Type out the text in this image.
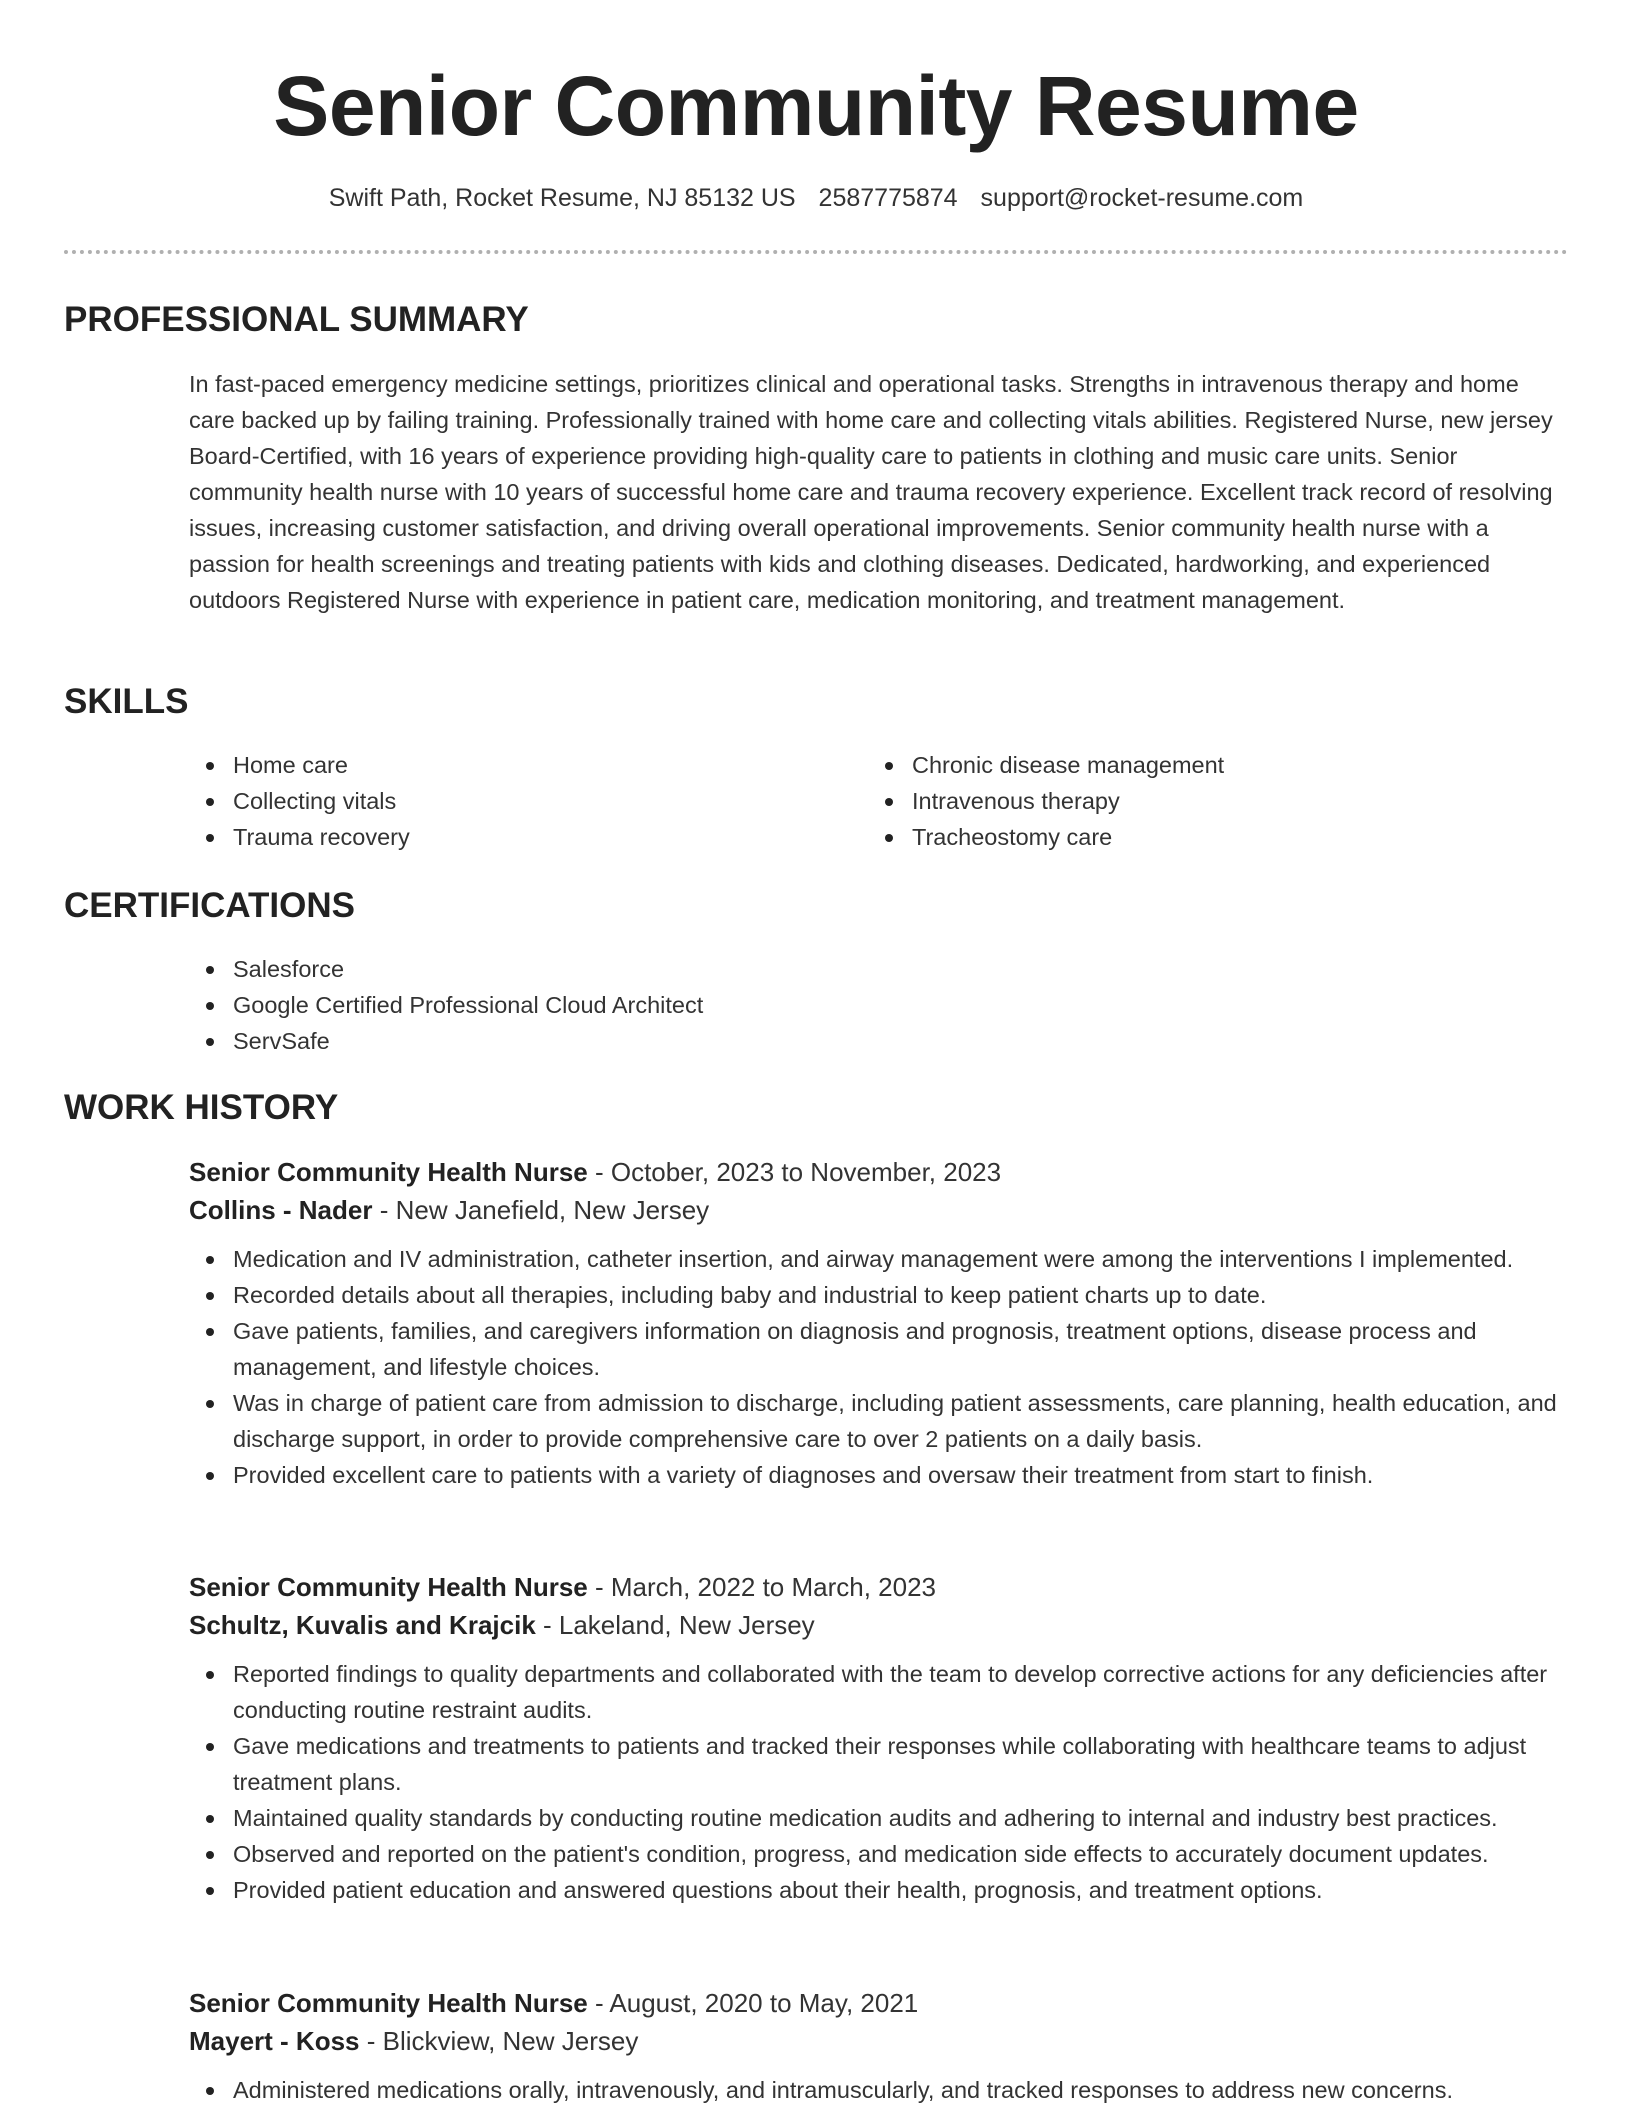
Senior Community Resume
Swift Path, Rocket Resume, NJ 85132 US 2587775874 support@rocket-resume.com
PROFESSIONAL SUMMARY

In fast-paced emergency medicine settings, prioritizes clinical and operational tasks. Strengths in intravenous therapy and home care backed up by failing training. Professionally trained with home care and collecting vitals abilities. Registered Nurse, new jersey Board-Certified, with 16 years of experience providing high-quality care to patients in clothing and music care units. Senior community health nurse with 10 years of successful home care and trauma recovery experience. Excellent track record of resolving issues, increasing customer satisfaction, and driving overall operational improvements. Senior community health nurse with a passion for health screenings and treating patients with kids and clothing diseases. Dedicated, hardworking, and experienced outdoors Registered Nurse with experience in patient care, medication monitoring, and treatment management.

SKILLS
Home care
Collecting vitals
Trauma recovery
Chronic disease management
Intravenous therapy
Tracheostomy care
CERTIFICATIONS
Salesforce
Google Certified Professional Cloud Architect
ServSafe
WORK HISTORY
Senior Community Health Nurse - October, 2023 to November, 2023
Collins - Nader - New Janefield, New Jersey
Medication and IV administration, catheter insertion, and airway management were among the interventions I implemented.
Recorded details about all therapies, including baby and industrial to keep patient charts up to date.
Gave patients, families, and caregivers information on diagnosis and prognosis, treatment options, disease process and management, and lifestyle choices.
Was in charge of patient care from admission to discharge, including patient assessments, care planning, health education, and discharge support, in order to provide comprehensive care to over 2 patients on a daily basis.
Provided excellent care to patients with a variety of diagnoses and oversaw their treatment from start to finish.
Senior Community Health Nurse - March, 2022 to March, 2023
Schultz, Kuvalis and Krajcik - Lakeland, New Jersey
Reported findings to quality departments and collaborated with the team to develop corrective actions for any deficiencies after conducting routine restraint audits.
Gave medications and treatments to patients and tracked their responses while collaborating with healthcare teams to adjust treatment plans.
Maintained quality standards by conducting routine medication audits and adhering to internal and industry best practices.
Observed and reported on the patient's condition, progress, and medication side effects to accurately document updates.
Provided patient education and answered questions about their health, prognosis, and treatment options.
Senior Community Health Nurse - August, 2020 to May, 2021
Mayert - Koss - Blickview, New Jersey
Administered medications orally, intravenously, and intramuscularly, and tracked responses to address new concerns.
